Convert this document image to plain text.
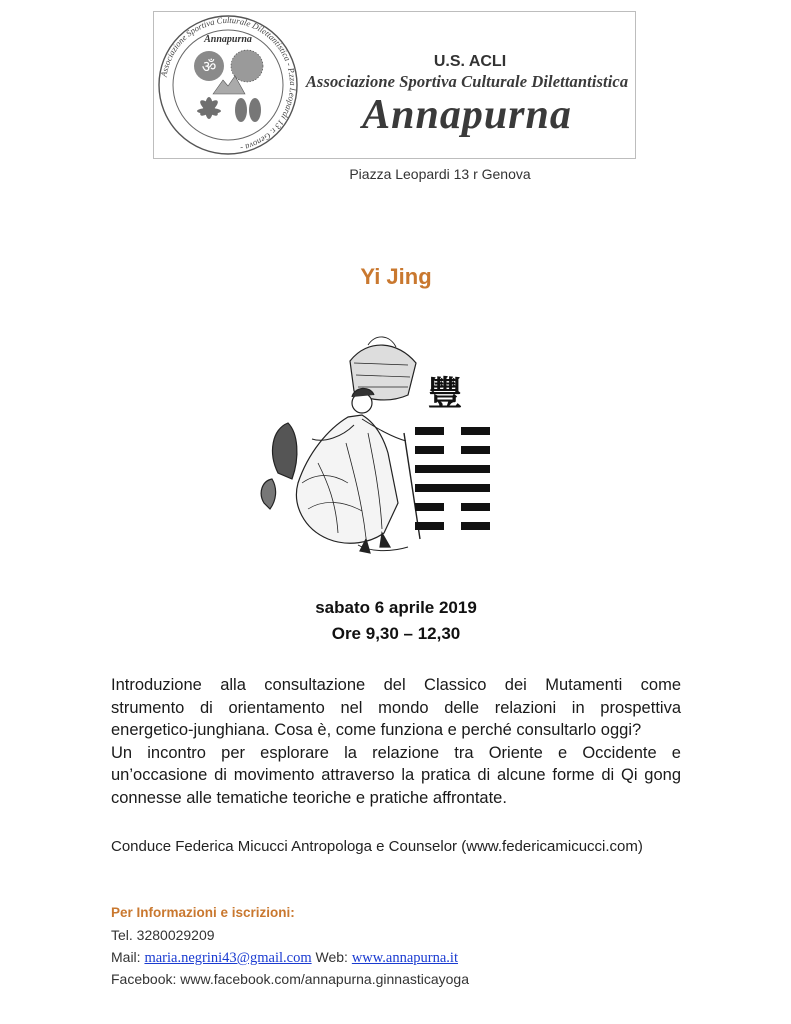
Associazione Sportiva Culturale Dilettantistica - P.zza Leopardi 13 r. Genova -
Annapurna
ॐ	U.S. ACLI
Associazione Sportiva Culturale Dilettantistica
Annapurna
Piazza Leopardi 13 r Genova
Yi Jing
豐
sabato 6 aprile 2019
Ore 9,30 – 12,30
Introduzione alla consultazione del Classico dei Mutamenti come
strumento di orientamento nel mondo delle relazioni in prospettiva
energetico-junghiana. Cosa è, come funziona e perché consultarlo oggi?
Un incontro per esplorare la relazione tra Oriente e Occidente e
un’occasione di movimento attraverso la pratica di alcune forme di Qi gong
connesse alle tematiche teoriche e pratiche affrontate.
Conduce Federica Micucci Antropologa e Counselor (www.federicamicucci.com)
Per Informazioni e iscrizioni:
Tel. 3280029209
Mail: maria.negrini43@gmail.com Web: www.annapurna.it
Facebook: www.facebook.com/annapurna.ginnasticayoga
